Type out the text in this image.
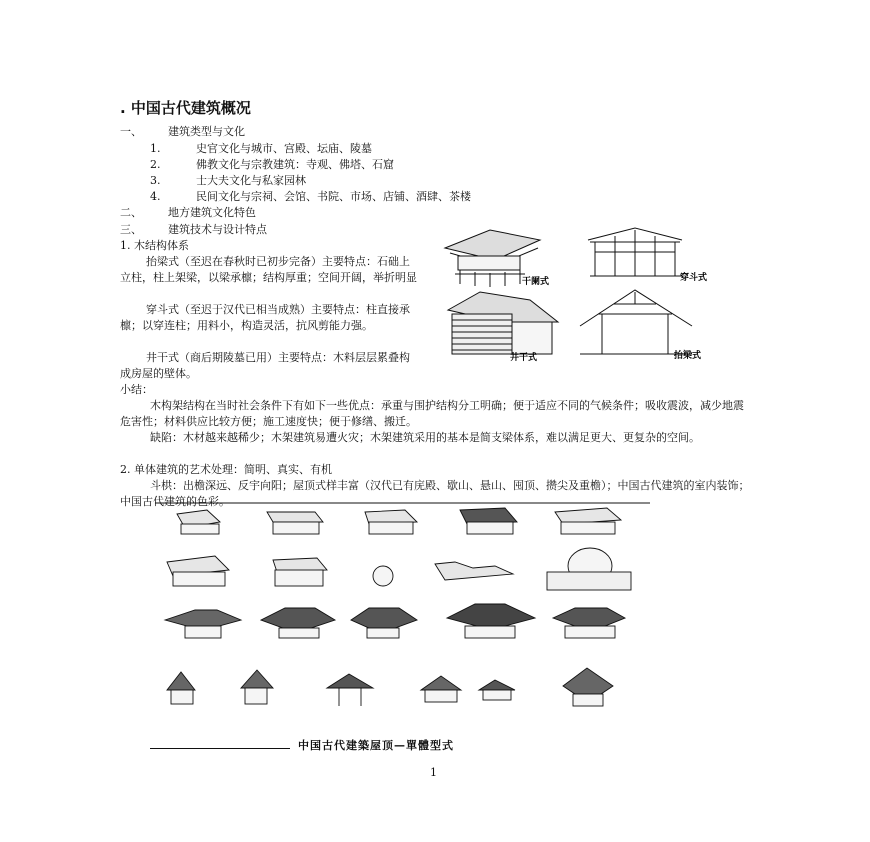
. 中国古代建筑概况
一、 建筑类型与文化
1.	史官文化与城市、宫殿、坛庙、陵墓
2.	佛教文化与宗教建筑：寺观、佛塔、石窟
3.	士大夫文化与私家园林
4.	民间文化与宗祠、会馆、书院、市场、店铺、酒肆、茶楼
二、 地方建筑文化特色
三、 建筑技术与设计特点
1. 木结构体系
抬梁式（至迟在春秋时已初步完备）主要特点：石础上立柱，柱上架梁，以梁承檩；结构厚重；空间开阔，举折明显
穿斗式（至迟于汉代已相当成熟）主要特点：柱直接承檩；以穿连柱；用料小，构造灵活，抗风剪能力强。
井干式（商后期陵墓已用）主要特点：木料层层累叠构成房屋的壁体。
小结：
木构架结构在当时社会条件下有如下一些优点：承重与围护结构分工明确；便于适应不同的气候条件；吸收震波，减少地震危害性；材料供应比较方便；施工速度快；便于修缮、搬迁。
缺陷：木材越来越稀少；木架建筑易遭火灾；木架建筑采用的基本是简支梁体系，难以满足更大、更复杂的空间。
2. 单体建筑的艺术处理：简明、真实、有机
斗栱：出檐深远、反宇向阳；屋顶式样丰富（汉代已有庑殿、歇山、悬山、囤顶、攒尖及重檐）；中国古代建筑的室内装饰；中国古代建筑的色彩。
干阑式	穿斗式
井干式	抬梁式
中国古代建築屋顶—單體型式
1
